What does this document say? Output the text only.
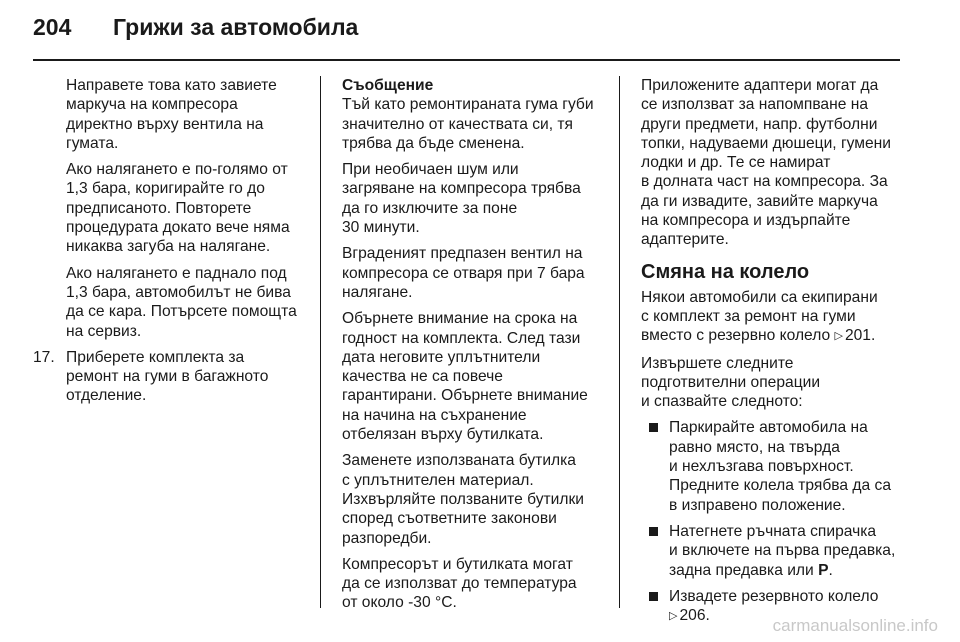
204 Грижи за автомобила

Направете това като завиете
маркуча на компресора
директно върху вентила на
гумата.

Ако налягането е по-голямо от
1,3 бара, коригирайте го до
предписаното. Повторете
процедурата докато вече няма
никаква загуба на налягане.

Ако налягането е паднало под
1,3 бара, автомобилът не бива
да се кара. Потърсете помощта
на сервиз.

17. Приберете комплекта за
ремонт на гуми в багажното
отделение.

Съобщение
Тъй като ремонтираната гума губи
значително от качествата си, тя
трябва да бъде сменена.

При необичаен шум или
загряване на компресора трябва
да го изключите за поне
30 минути.

Вграденият предпазен вентил на
компресора се отваря при 7 бара
налягане.

Обърнете внимание на срока на
годност на комплекта. След тази
дата неговите уплътнители
качества не са повече
гарантирани. Обърнете внимание
на начина на съхранение
отбелязан върху бутилката.

Заменете използваната бутилка
с уплътнителен материал.
Изхвърляйте ползваните бутилки
според съответните законови
разпоредби.

Компресорът и бутилката могат
да се използват до температура
от около -30 °C.

Приложените адаптери могат да
се използват за напомпване на
други предмети, напр. футболни
топки, надуваеми дюшеци, гумени
лодки и др. Те се намират
в долната част на компресора. За
да ги извадите, завийте маркуча
на компресора и издърпайте
адаптерите.

Смяна на колело

Някои автомобили са екипирани
с комплект за ремонт на гуми
вместо с резервно колело ▷ 201.

Извършете следните
подготвителни операции
и спазвайте следното:

Паркирайте автомобила на
равно място, на твърда
и нехлъзгава повърхност.
Предните колела трябва да са
в изправено положение.

Натегнете ръчната спирачка
и включете на първа предавка,
задна предавка или P.

Извадете резервното колело
▷ 206.

carmanualsonline.info
